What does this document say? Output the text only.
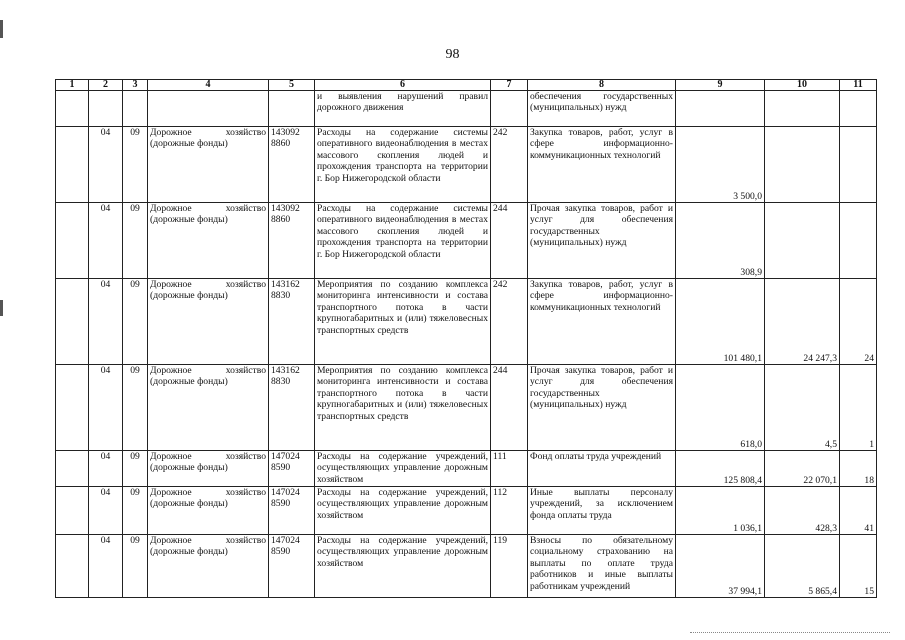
98
1	2	3	4	5	6	7	8	9	10	11
					и выявления нарушений правил дорожного движения		обеспечения государственных (муниципальных) нужд			
	04	09	Дорожное хозяйство (дорожные фонды)	143092 8860	Расходы на содержание системы оперативного видеонаблюдения в местах массового скопления людей и прохождения транспорта на территории г. Бор Нижегородской области	242	Закупка товаров, работ, услуг в сфере информационно-коммуникационных технологий	3 500,0		
	04	09	Дорожное хозяйство (дорожные фонды)	143092 8860	Расходы на содержание системы оперативного видеонаблюдения в местах массового скопления людей и прохождения транспорта на территории г. Бор Нижегородской области	244	Прочая закупка товаров, работ и услуг для обеспечения государственных (муниципальных) нужд	308,9		
	04	09	Дорожное хозяйство (дорожные фонды)	143162 8830	Мероприятия по созданию комплекса мониторинга интенсивности и состава транспортного потока в части крупногабаритных и (или) тяжеловесных транспортных средств	242	Закупка товаров, работ, услуг в сфере информационно-коммуникационных технологий	101 480,1	24 247,3	24
	04	09	Дорожное хозяйство (дорожные фонды)	143162 8830	Мероприятия по созданию комплекса мониторинга интенсивности и состава транспортного потока в части крупногабаритных и (или) тяжеловесных транспортных средств	244	Прочая закупка товаров, работ и услуг для обеспечения государственных (муниципальных) нужд	618,0	4,5	1
	04	09	Дорожное хозяйство (дорожные фонды)	147024 8590	Расходы на содержание учреждений, осуществляющих управление дорожным хозяйством	111	Фонд оплаты труда учреждений	125 808,4	22 070,1	18
	04	09	Дорожное хозяйство (дорожные фонды)	147024 8590	Расходы на содержание учреждений, осуществляющих управление дорожным хозяйством	112	Иные выплаты персоналу учреждений, за исключением фонда оплаты труда	1 036,1	428,3	41
	04	09	Дорожное хозяйство (дорожные фонды)	147024 8590	Расходы на содержание учреждений, осуществляющих управление дорожным хозяйством	119	Взносы по обязательному социальному страхованию на выплаты по оплате труда работников и иные выплаты работникам учреждений	37 994,1	5 865,4	15
